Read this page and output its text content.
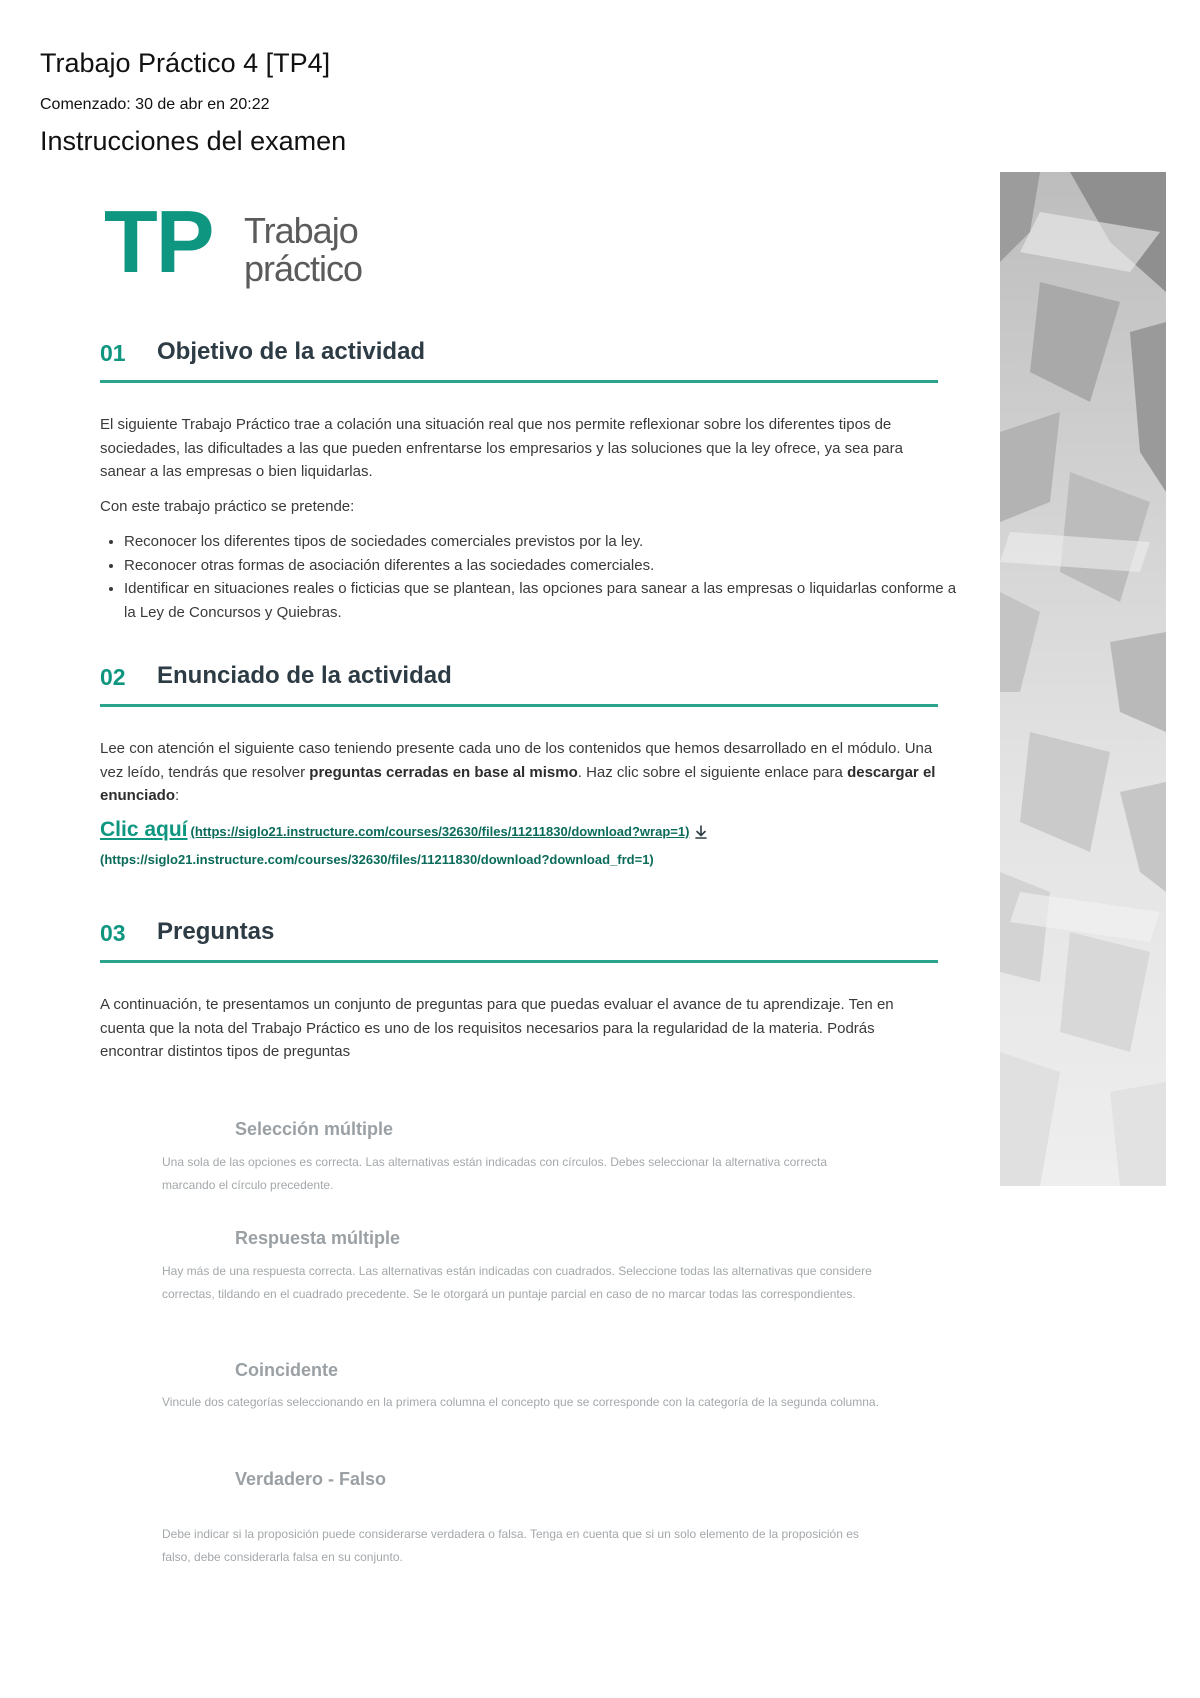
Trabajo Práctico 4 [TP4]
Comenzado: 30 de abr en 20:22
Instrucciones del examen
TP Trabajo
práctico
01 Objetivo de la actividad

El siguiente Trabajo Práctico trae a colación una situación real que nos permite reflexionar sobre los diferentes tipos de sociedades, las dificultades a las que pueden enfrentarse los empresarios y las soluciones que la ley ofrece, ya sea para sanear a las empresas o bien liquidarlas.

Con este trabajo práctico se pretende:

• Reconocer los diferentes tipos de sociedades comerciales previstos por la ley.
• Reconocer otras formas de asociación diferentes a las sociedades comerciales.
• Identificar en situaciones reales o ficticias que se plantean, las opciones para sanear a las empresas o liquidarlas conforme a la Ley de Concursos y Quiebras.
02 Enunciado de la actividad

Lee con atención el siguiente caso teniendo presente cada uno de los contenidos que hemos desarrollado en el módulo. Una vez leído, tendrás que resolver preguntas cerradas en base al mismo. Haz clic sobre el siguiente enlace para descargar el enunciado:

Clic aquí (https://siglo21.instructure.com/courses/32630/files/11211830/download?wrap=1)
(https://siglo21.instructure.com/courses/32630/files/11211830/download?download_frd=1)
03 Preguntas

A continuación, te presentamos un conjunto de preguntas para que puedas evaluar el avance de tu aprendizaje. Ten en cuenta que la nota del Trabajo Práctico es uno de los requisitos necesarios para la regularidad de la materia. Podrás encontrar distintos tipos de preguntas

Selección múltiple

Una sola de las opciones es correcta. Las alternativas están indicadas con círculos. Debes seleccionar la alternativa correcta marcando el círculo precedente.

Respuesta múltiple

Hay más de una respuesta correcta. Las alternativas están indicadas con cuadrados. Seleccione todas las alternativas que considere correctas, tildando en el cuadrado precedente. Se le otorgará un puntaje parcial en caso de no marcar todas las correspondientes.

Coincidente

Vincule dos categorías seleccionando en la primera columna el concepto que se corresponde con la categoría de la segunda columna.

Verdadero - Falso

Debe indicar si la proposición puede considerarse verdadera o falsa. Tenga en cuenta que si un solo elemento de la proposición es falso, debe considerarla falsa en su conjunto.
